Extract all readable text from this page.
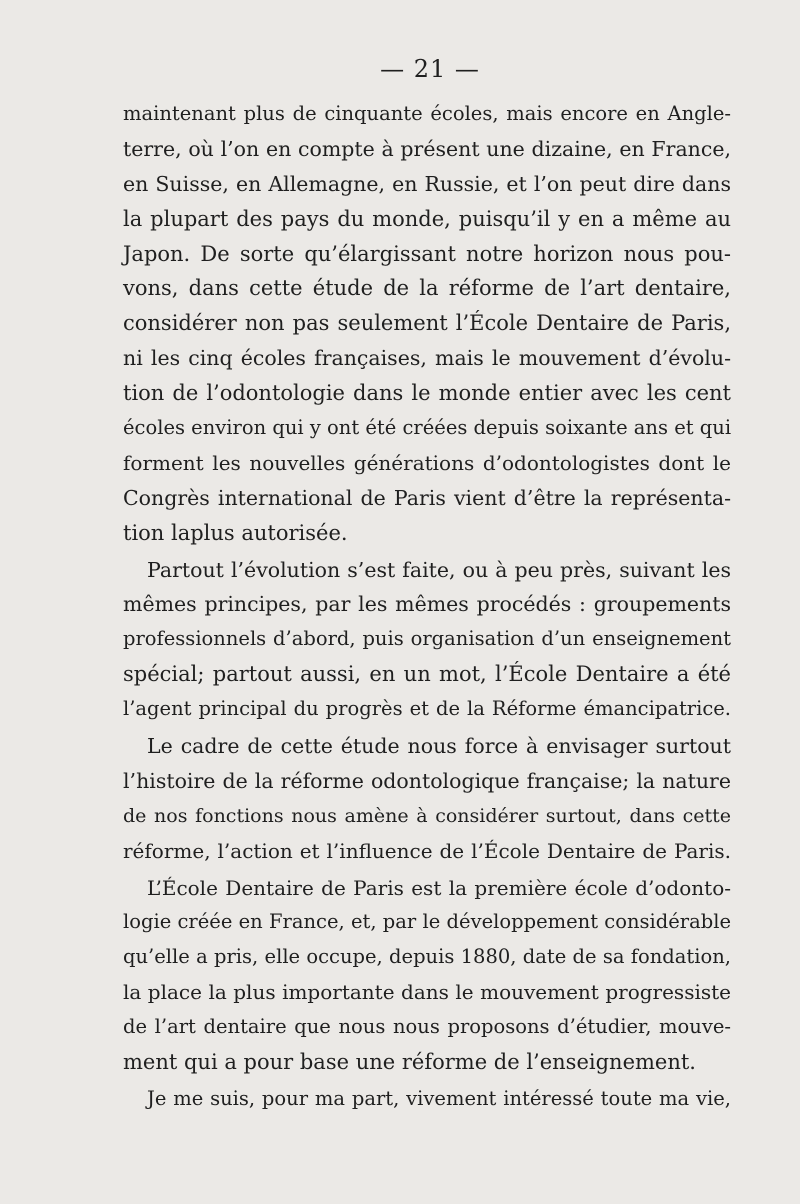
— 21 —
maintenant plus de cinquante écoles, mais encore en Angle-
terre, où l’on en compte à présent une dizaine, en France,
en Suisse, en Allemagne, en Russie, et l’on peut dire dans
la plupart des pays du monde, puisqu’il y en a même au
Japon. De sorte qu’élargissant notre horizon nous pou-
vons, dans cette étude de la réforme de l’art dentaire,
considérer non pas seulement l’École Dentaire de Paris,
ni les cinq écoles françaises, mais le mouvement d’évolu-
tion de l’odontologie dans le monde entier avec les cent
écoles environ qui y ont été créées depuis soixante ans et qui
forment les nouvelles générations d’odontologistes dont le
Congrès international de Paris vient d’être la représenta-
tion laplus autorisée.
Partout l’évolution s’est faite, ou à peu près, suivant les
mêmes principes, par les mêmes procédés : groupements
professionnels d’abord, puis organisation d’un enseignement
spécial; partout aussi, en un mot, l’École Dentaire a été
l’agent principal du progrès et de la Réforme émancipatrice.
Le cadre de cette étude nous force à envisager surtout
l’histoire de la réforme odontologique française; la nature
de nos fonctions nous amène à considérer surtout, dans cette
réforme, l’action et l’influence de l’École Dentaire de Paris.
L’École Dentaire de Paris est la première école d’odonto-
logie créée en France, et, par le développement considérable
qu’elle a pris, elle occupe, depuis 1880, date de sa fondation,
la place la plus importante dans le mouvement progressiste
de l’art dentaire que nous nous proposons d’étudier, mouve-
ment qui a pour base une réforme de l’enseignement.
Je me suis, pour ma part, vivement intéressé toute ma vie,
